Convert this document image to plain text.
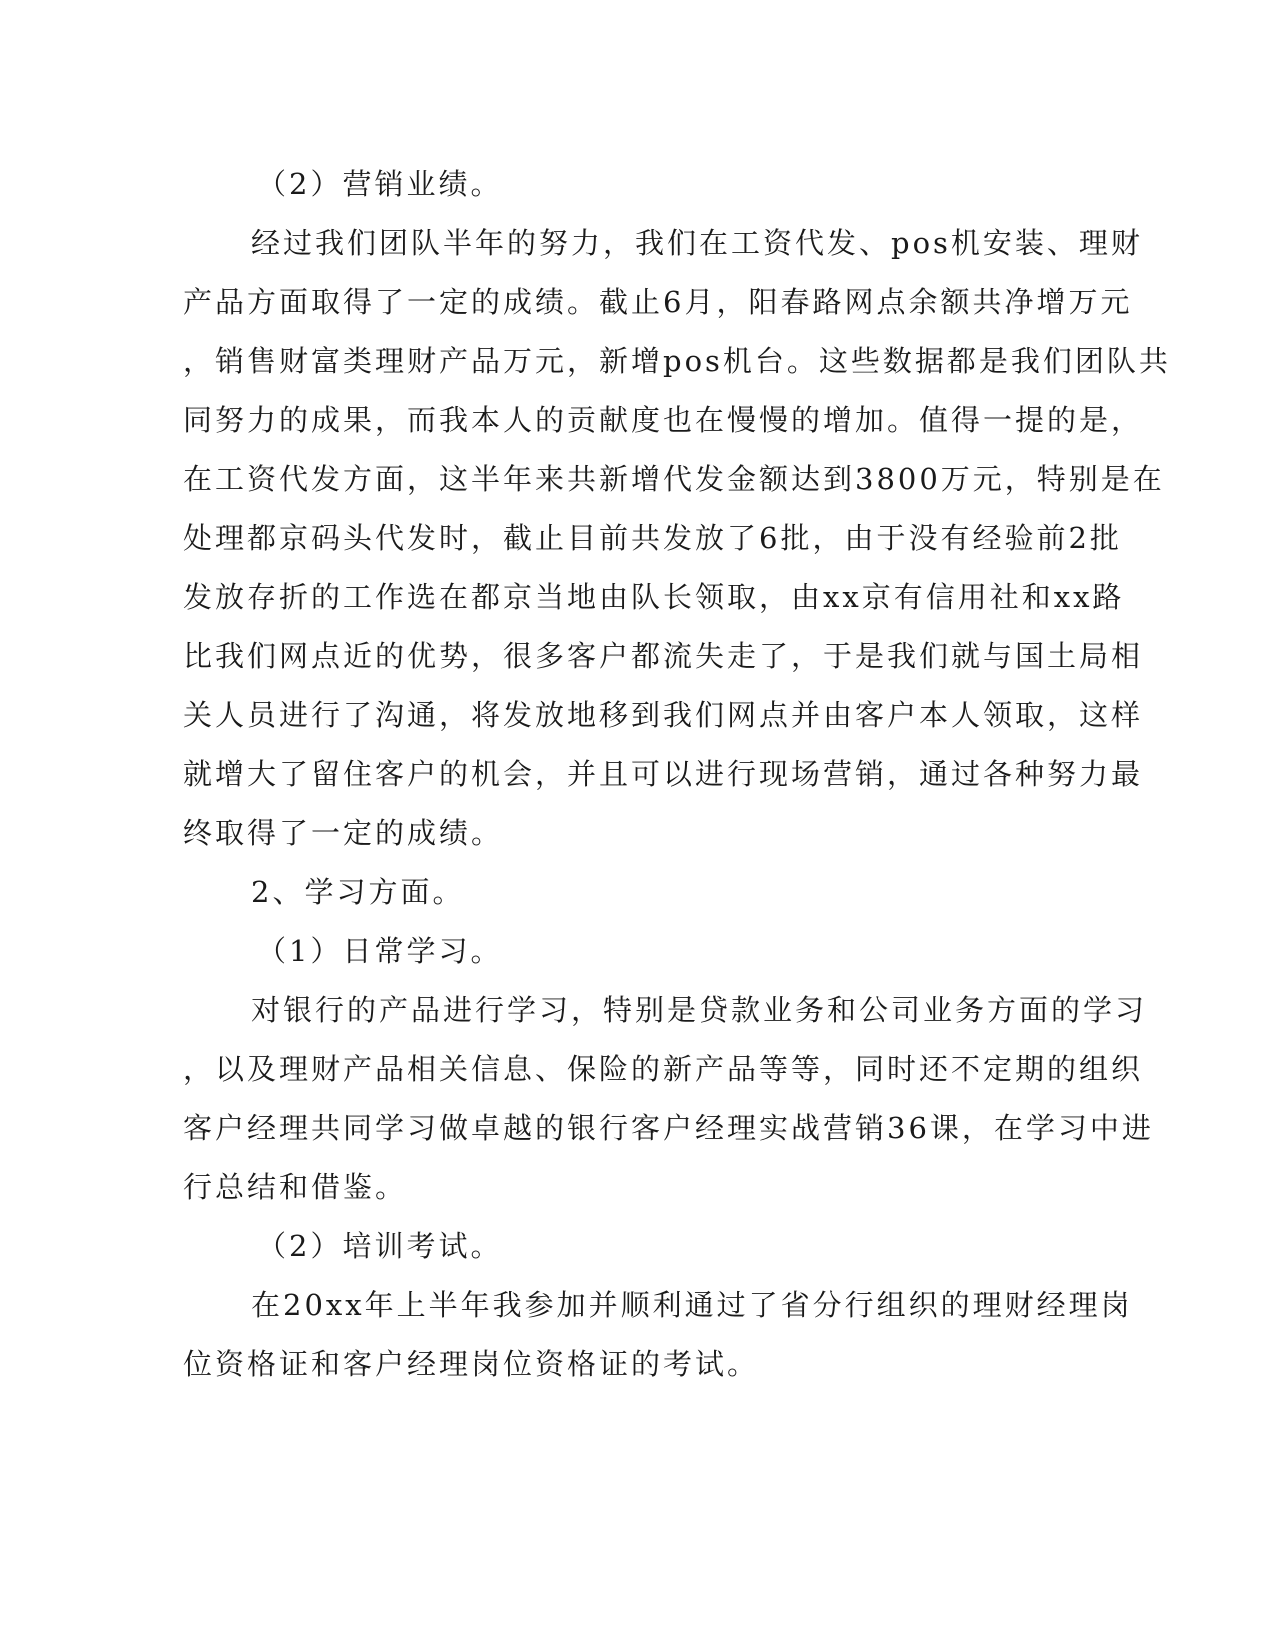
（2）营销业绩。
经过我们团队半年的努力，我们在工资代发、pos机安装、理财
产品方面取得了一定的成绩。截止6月，阳春路网点余额共净增万元
，销售财富类理财产品万元，新增pos机台。这些数据都是我们团队共
同努力的成果，而我本人的贡献度也在慢慢的增加。值得一提的是，
在工资代发方面，这半年来共新增代发金额达到3800万元，特别是在
处理都京码头代发时，截止目前共发放了6批，由于没有经验前2批
发放存折的工作选在都京当地由队长领取，由xx京有信用社和xx路
比我们网点近的优势，很多客户都流失走了，于是我们就与国土局相
关人员进行了沟通，将发放地移到我们网点并由客户本人领取，这样
就增大了留住客户的机会，并且可以进行现场营销，通过各种努力最
终取得了一定的成绩。
2、学习方面。
（1）日常学习。
对银行的产品进行学习，特别是贷款业务和公司业务方面的学习
，以及理财产品相关信息、保险的新产品等等，同时还不定期的组织
客户经理共同学习做卓越的银行客户经理实战营销36课，在学习中进
行总结和借鉴。
（2）培训考试。
在20xx年上半年我参加并顺利通过了省分行组织的理财经理岗
位资格证和客户经理岗位资格证的考试。
